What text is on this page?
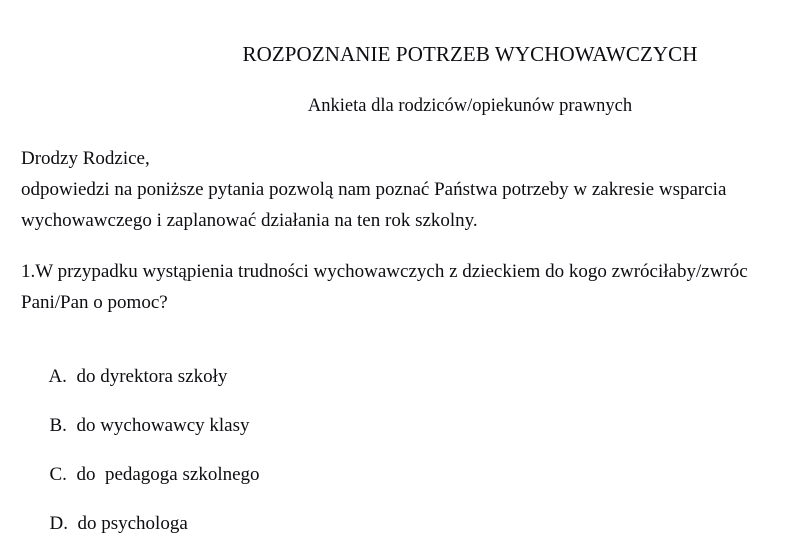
ROZPOZNANIE POTRZEB WYCHOWAWCZYCH
Ankieta dla rodziców/opiekunów prawnych
Drodzy Rodzice,
odpowiedzi na poniższe pytania pozwolą nam poznać Państwa potrzeby w zakresie wsparcia
wychowawczego i zaplanować działania na ten rok szkolny.
1.W przypadku wystąpienia trudności wychowawczych z dzieckiem do kogo zwróciłaby/zwróc
Pani/Pan o pomoc?

A. do dyrektora szkoły

B. do wychowawcy klasy

C. do  pedagoga szkolnego

D. do psychologa
